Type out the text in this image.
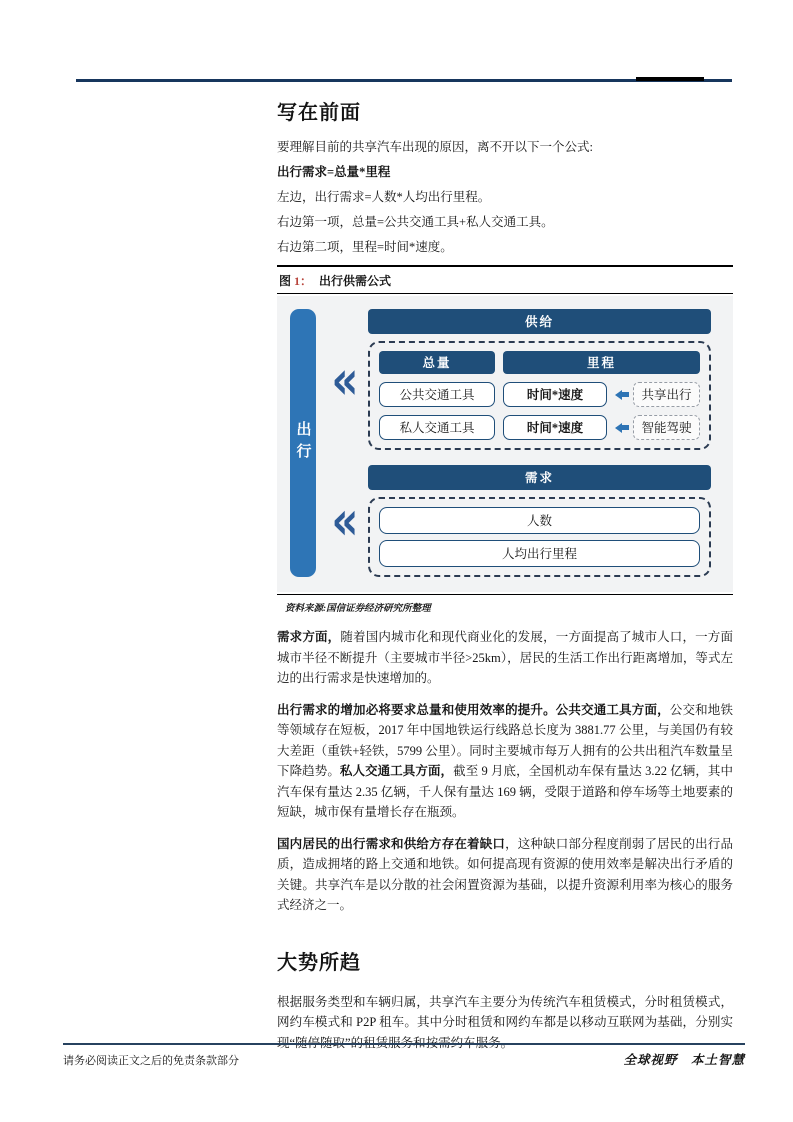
写在前面

要理解目前的共享汽车出现的原因，离不开以下一个公式:

出行需求=总量*里程

左边，出行需求=人数*人均出行里程。

右边第一项，总量=公共交通工具+私人交通工具。

右边第二项，里程=时间*速度。

图 1： 出行供需公式
出行
«
供给
总量	里程
公共交通工具	时间*速度	共享出行
私人交通工具	时间*速度	智能驾驶
«
需求
人数
人均出行里程
资料来源:国信证券经济研究所整理

需求方面，随着国内城市化和现代商业化的发展，一方面提高了城市人口，一方面城市半径不断提升（主要城市半径>25km），居民的生活工作出行距离增加，等式左边的出行需求是快速增加的。

出行需求的增加必将要求总量和使用效率的提升。公共交通工具方面，公交和地铁等领域存在短板，2017 年中国地铁运行线路总长度为 3881.77 公里，与美国仍有较大差距（重铁+轻铁，5799 公里）。同时主要城市每万人拥有的公共出租汽车数量呈下降趋势。私人交通工具方面，截至 9 月底，全国机动车保有量达 3.22 亿辆，其中汽车保有量达 2.35 亿辆，千人保有量达 169 辆，受限于道路和停车场等土地要素的短缺，城市保有量增长存在瓶颈。

国内居民的出行需求和供给方存在着缺口，这种缺口部分程度削弱了居民的出行品质，造成拥堵的路上交通和地铁。如何提高现有资源的使用效率是解决出行矛盾的关键。共享汽车是以分散的社会闲置资源为基础，以提升资源利用率为核心的服务式经济之一。

大势所趋

根据服务类型和车辆归属，共享汽车主要分为传统汽车租赁模式，分时租赁模式，网约车模式和 P2P 租车。其中分时租赁和网约车都是以移动互联网为基础，分别实现“随停随取”的租赁服务和按需约车服务。

请务必阅读正文之后的免责条款部分	全球视野　本土智慧
